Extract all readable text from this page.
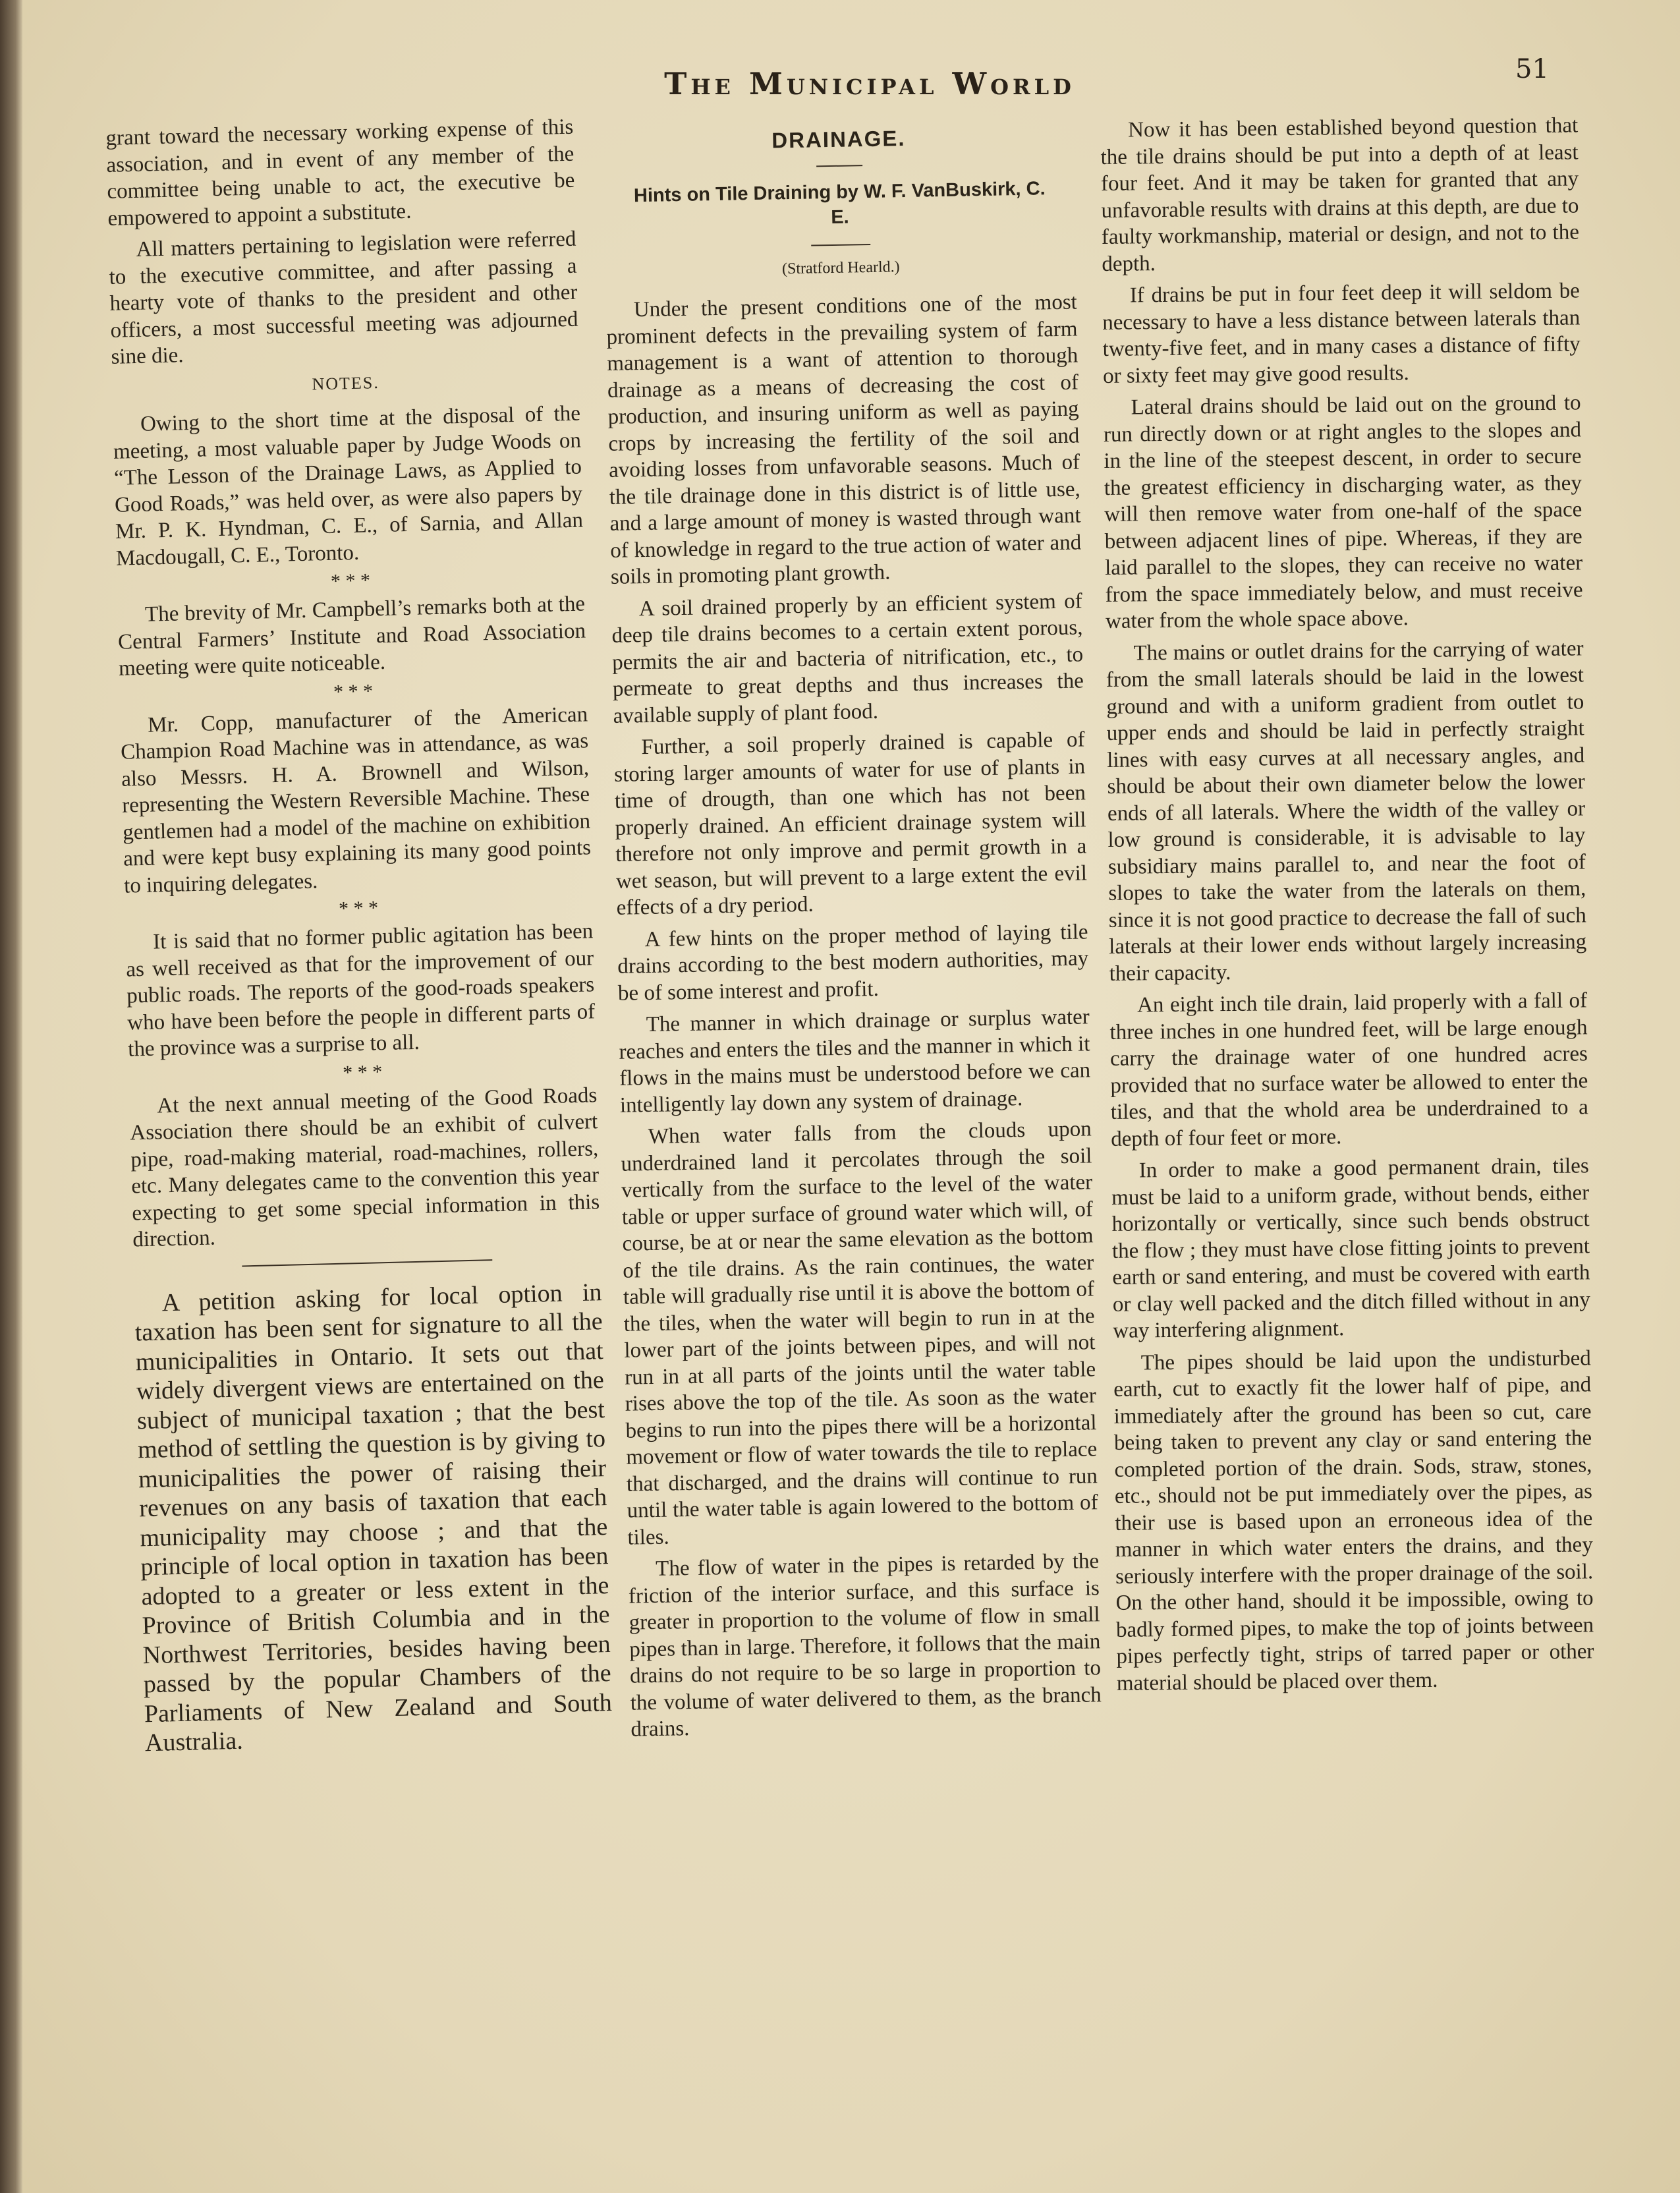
The Municipal World	51

grant toward the necessary working expense of this association, and in event of any member of the committee being unable to act, the executive be empowered to appoint a substitute.

All matters pertaining to legislation were referred to the executive committee, and after passing a hearty vote of thanks to the president and other officers, a most successful meeting was adjourned sine die.

NOTES.

Owing to the short time at the disposal of the meeting, a most valuable paper by Judge Woods on “The Lesson of the Drainage Laws, as Applied to Good Roads,” was held over, as were also papers by Mr. P. K. Hyndman, C. E., of Sarnia, and Allan Macdougall, C. E., Toronto.

* * *

The brevity of Mr. Campbell’s remarks both at the Central Farmers’ Institute and Road Association meeting were quite noticeable.

* * *

Mr. Copp, manufacturer of the American Champion Road Machine was in attendance, as was also Messrs. H. A. Brownell and Wilson, representing the Western Reversible Machine. These gentlemen had a model of the machine on exhibition and were kept busy explaining its many good points to inquiring delegates.

* * *

It is said that no former public agitation has been as well received as that for the improvement of our public roads. The reports of the good-roads speakers who have been before the people in different parts of the province was a surprise to all.

* * *

At the next annual meeting of the Good Roads Association there should be an exhibit of culvert pipe, road-making material, road-machines, rollers, etc. Many delegates came to the convention this year expecting to get some special information in this direction.

A petition asking for local option in taxation has been sent for signature to all the municipalities in Ontario. It sets out that widely divergent views are entertained on the subject of municipal taxation ; that the best method of settling the question is by giving to municipalities the power of raising their revenues on any basis of taxation that each municipality may choose ; and that the principle of local option in taxation has been adopted to a greater or less extent in the Province of British Columbia and in the Northwest Territories, besides having been passed by the popular Chambers of the Parliaments of New Zealand and South Australia.

DRAINAGE.
Hints on Tile Draining by W. F. VanBuskirk, C. E.
(Stratford Hearld.)

Under the present conditions one of the most prominent defects in the prevailing system of farm management is a want of attention to thorough drainage as a means of decreasing the cost of production, and insuring uniform as well as paying crops by increasing the fertility of the soil and avoiding losses from unfavorable seasons. Much of the tile drainage done in this district is of little use, and a large amount of money is wasted through want of knowledge in regard to the true action of water and soils in promoting plant growth.

A soil drained properly by an efficient system of deep tile drains becomes to a certain extent porous, permits the air and bacteria of nitrification, etc., to permeate to great depths and thus increases the available supply of plant food.

Further, a soil properly drained is capable of storing larger amounts of water for use of plants in time of drougth, than one which has not been properly drained. An efficient drainage system will therefore not only improve and permit growth in a wet season, but will prevent to a large extent the evil effects of a dry period.

A few hints on the proper method of laying tile drains according to the best modern authorities, may be of some interest and profit.

The manner in which drainage or surplus water reaches and enters the tiles and the manner in which it flows in the mains must be understood before we can intelligently lay down any system of drainage.

When water falls from the clouds upon underdrained land it percolates through the soil vertically from the surface to the level of the water table or upper surface of ground water which will, of course, be at or near the same elevation as the bottom of the tile drains. As the rain continues, the water table will gradually rise until it is above the bottom of the tiles, when the water will begin to run in at the lower part of the joints between pipes, and will not run in at all parts of the joints until the water table rises above the top of the tile. As soon as the water begins to run into the pipes there will be a horizontal movement or flow of water towards the tile to replace that discharged, and the drains will continue to run until the water table is again lowered to the bottom of tiles.

The flow of water in the pipes is retarded by the friction of the interior surface, and this surface is greater in proportion to the volume of flow in small pipes than in large. Therefore, it follows that the main drains do not require to be so large in proportion to the volume of water delivered to them, as the branch drains.

Now it has been established beyond question that the tile drains should be put into a depth of at least four feet. And it may be taken for granted that any unfavorable results with drains at this depth, are due to faulty workmanship, material or design, and not to the depth.

If drains be put in four feet deep it will seldom be necessary to have a less distance between laterals than twenty-five feet, and in many cases a distance of fifty or sixty feet may give good results.

Lateral drains should be laid out on the ground to run directly down or at right angles to the slopes and in the line of the steepest descent, in order to secure the greatest efficiency in discharging water, as they will then remove water from one-half of the space between adjacent lines of pipe. Whereas, if they are laid parallel to the slopes, they can receive no water from the space immediately below, and must receive water from the whole space above.

The mains or outlet drains for the carrying of water from the small laterals should be laid in the lowest ground and with a uniform gradient from outlet to upper ends and should be laid in perfectly straight lines with easy curves at all necessary angles, and should be about their own diameter below the lower ends of all laterals. Where the width of the valley or low ground is considerable, it is advisable to lay subsidiary mains parallel to, and near the foot of slopes to take the water from the laterals on them, since it is not good practice to decrease the fall of such laterals at their lower ends without largely increasing their capacity.

An eight inch tile drain, laid properly with a fall of three inches in one hundred feet, will be large enough carry the drainage water of one hundred acres provided that no surface water be allowed to enter the tiles, and that the whold area be underdrained to a depth of four feet or more.

In order to make a good permanent drain, tiles must be laid to a uniform grade, without bends, either horizontally or vertically, since such bends obstruct the flow ; they must have close fitting joints to prevent earth or sand entering, and must be covered with earth or clay well packed and the ditch filled without in any way interfering alignment.

The pipes should be laid upon the undisturbed earth, cut to exactly fit the lower half of pipe, and immediately after the ground has been so cut, care being taken to prevent any clay or sand entering the completed portion of the drain. Sods, straw, stones, etc., should not be put immediately over the pipes, as their use is based upon an erroneous idea of the manner in which water enters the drains, and they seriously interfere with the proper drainage of the soil. On the other hand, should it be impossible, owing to badly formed pipes, to make the top of joints between pipes perfectly tight, strips of tarred paper or other material should be placed over them.
